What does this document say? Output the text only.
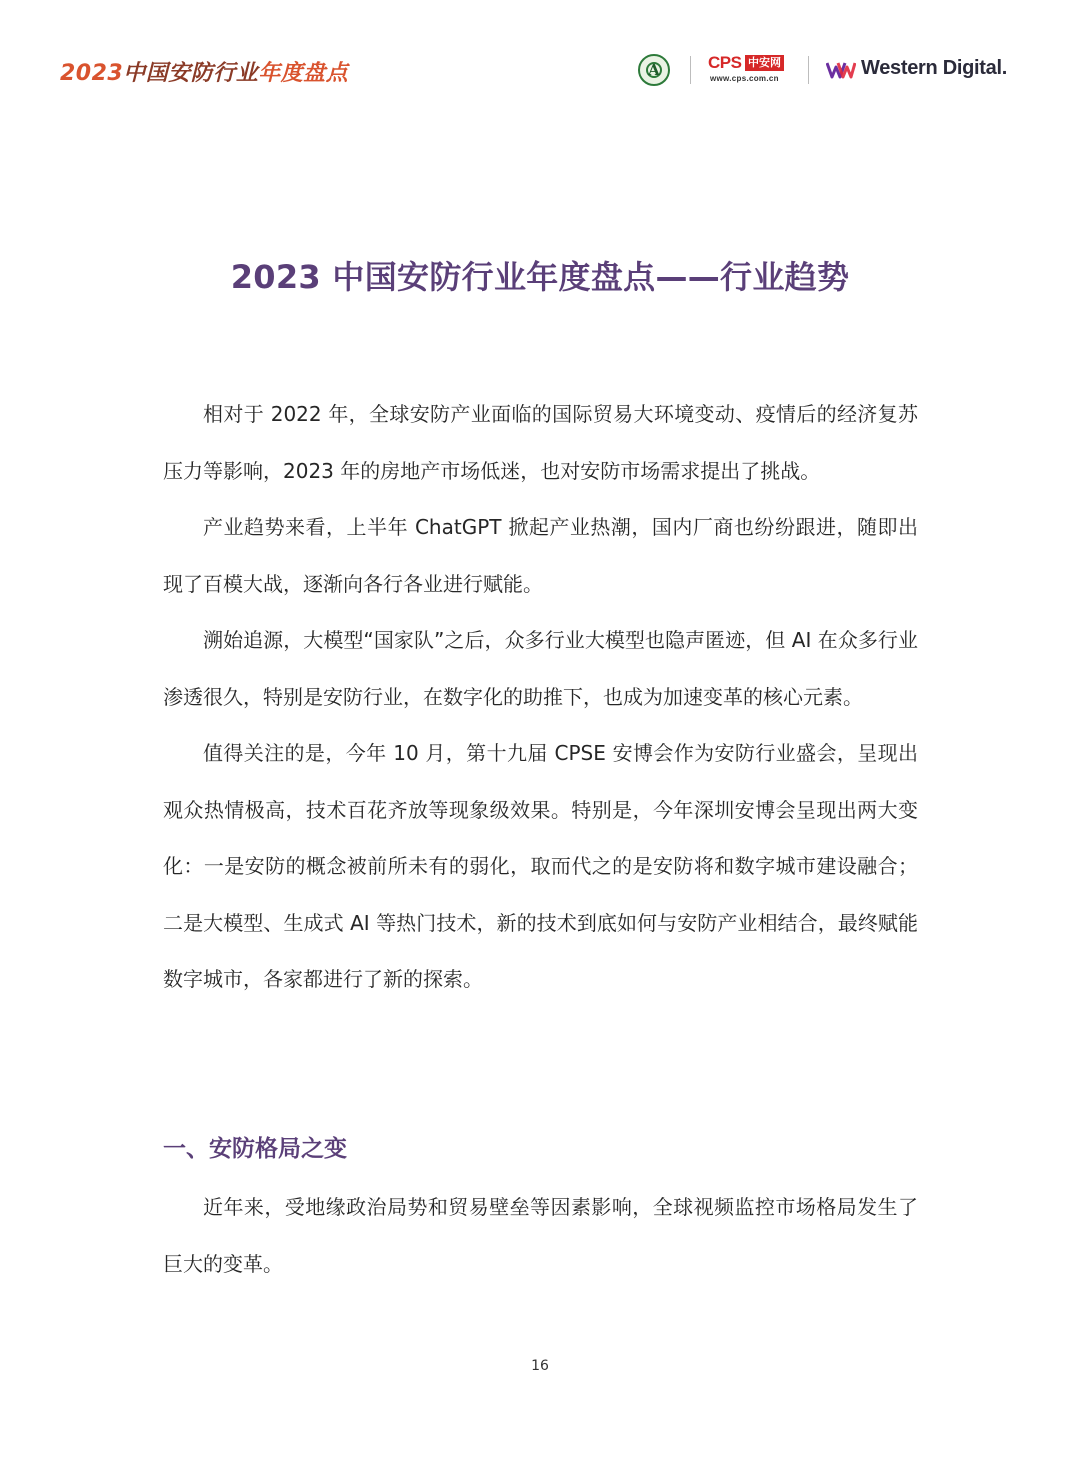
2023中国安防行业年度盘点	A	CPS 中安网
www.cps.com.cn	Western Digital.
2023 中国安防行业年度盘点——行业趋势

相对于 2022 年，全球安防产业面临的国际贸易大环境变动、疫情后的经济复苏压力等影响，2023 年的房地产市场低迷，也对安防市场需求提出了挑战。

产业趋势来看，上半年 ChatGPT 掀起产业热潮，国内厂商也纷纷跟进，随即出现了百模大战，逐渐向各行各业进行赋能。

溯始追源，大模型“国家队”之后，众多行业大模型也隐声匿迹，但 AI 在众多行业渗透很久，特别是安防行业，在数字化的助推下，也成为加速变革的核心元素。

值得关注的是，今年 10 月，第十九届 CPSE 安博会作为安防行业盛会，呈现出观众热情极高，技术百花齐放等现象级效果。特别是，今年深圳安博会呈现出两大变化：一是安防的概念被前所未有的弱化，取而代之的是安防将和数字城市建设融合；二是大模型、生成式 AI 等热门技术，新的技术到底如何与安防产业相结合，最终赋能数字城市，各家都进行了新的探索。

一、安防格局之变

近年来，受地缘政治局势和贸易壁垒等因素影响，全球视频监控市场格局发生了巨大的变革。

16
